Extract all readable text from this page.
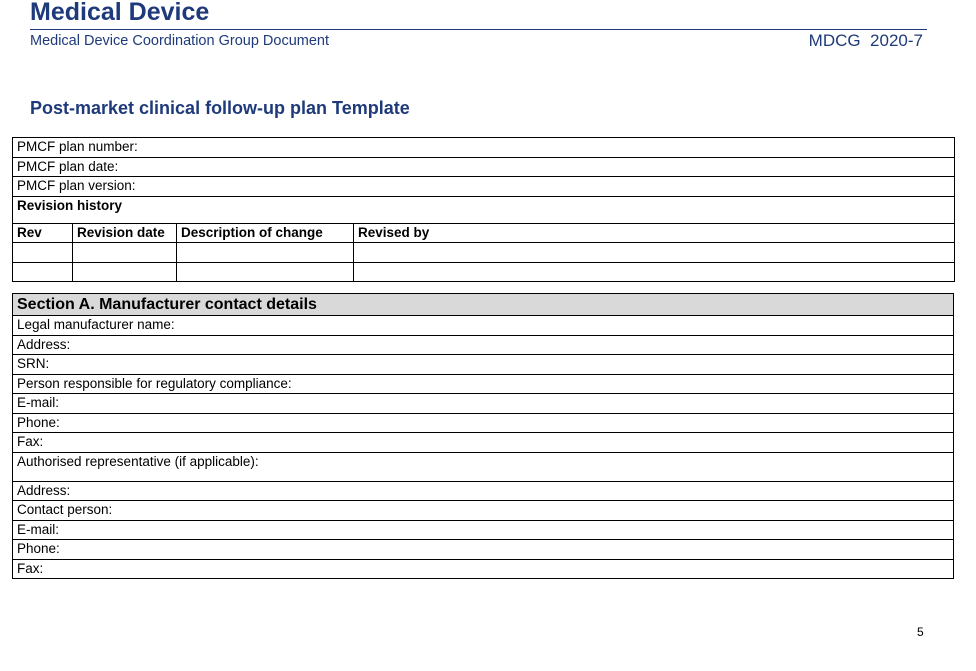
Medical Device
Medical Device Coordination Group Document	MDCG  2020-7
Post-market clinical follow-up plan Template
PMCF plan number:			
PMCF plan date:			
PMCF plan version:			
Revision history			
Rev	Revision date	Description of change	Revised by

Section A. Manufacturer contact details
Legal manufacturer name:
Address:
SRN:
Person responsible for regulatory compliance:
E-mail:
Phone:
Fax:
Authorised representative (if applicable):
Address:
Contact person:
E-mail:
Phone:
Fax:
5
